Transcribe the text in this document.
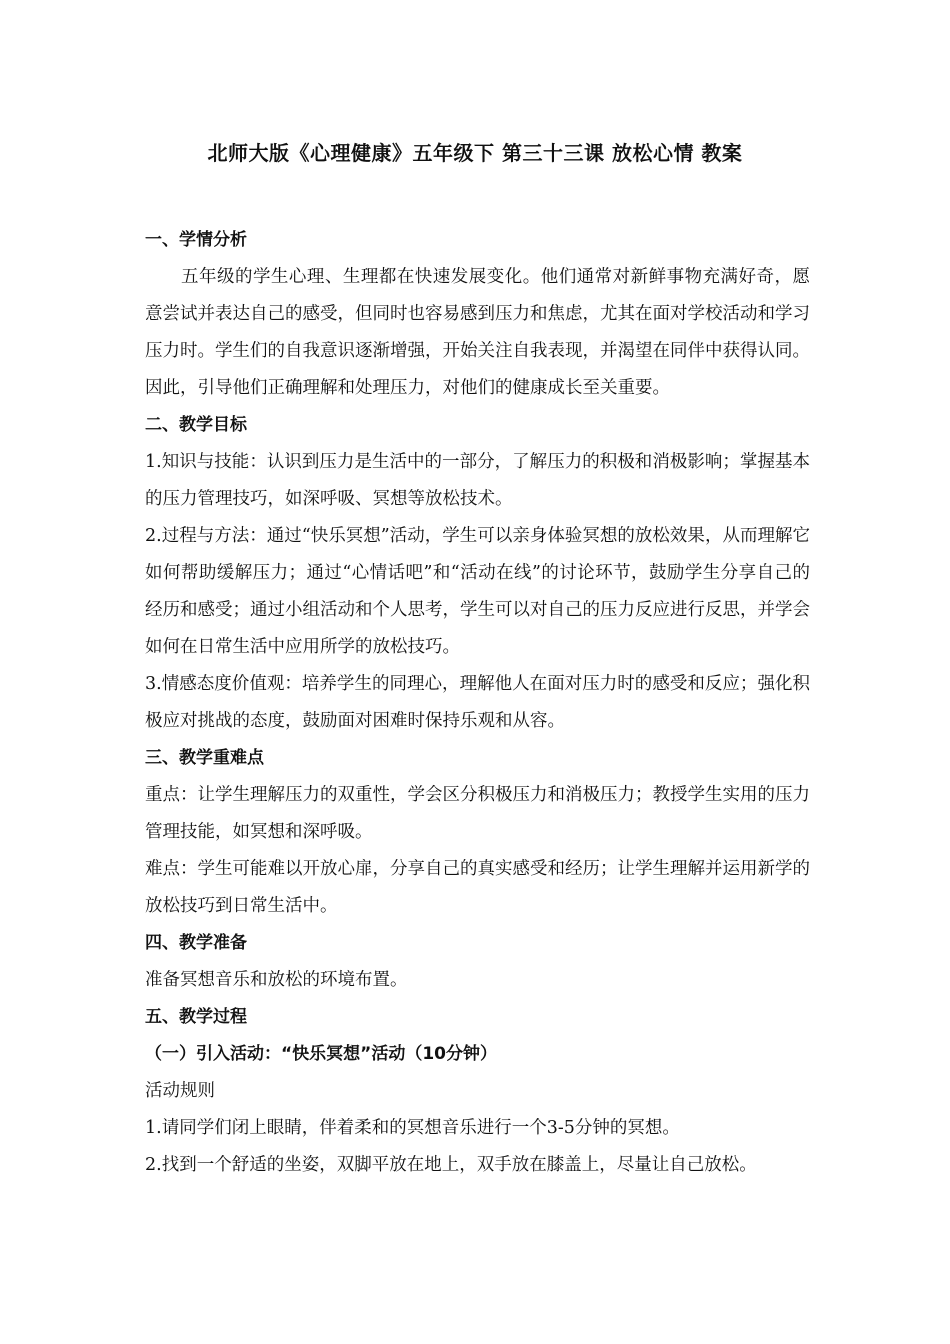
北师大版《心理健康》五年级下 第三十三课 放松心情 教案

一、学情分析

五年级的学生心理、生理都在快速发展变化。他们通常对新鲜事物充满好奇，愿意尝试并表达自己的感受，但同时也容易感到压力和焦虑，尤其在面对学校活动和学习压力时。学生们的自我意识逐渐增强，开始关注自我表现，并渴望在同伴中获得认同。因此，引导他们正确理解和处理压力，对他们的健康成长至关重要。

二、教学目标

1.知识与技能：认识到压力是生活中的一部分，了解压力的积极和消极影响；掌握基本的压力管理技巧，如深呼吸、冥想等放松技术。

2.过程与方法：通过“快乐冥想”活动，学生可以亲身体验冥想的放松效果，从而理解它如何帮助缓解压力；通过“心情话吧”和“活动在线”的讨论环节，鼓励学生分享自己的经历和感受；通过小组活动和个人思考，学生可以对自己的压力反应进行反思，并学会如何在日常生活中应用所学的放松技巧。

3.情感态度价值观：培养学生的同理心，理解他人在面对压力时的感受和反应；强化积极应对挑战的态度，鼓励面对困难时保持乐观和从容。

三、教学重难点

重点：让学生理解压力的双重性，学会区分积极压力和消极压力；教授学生实用的压力管理技能，如冥想和深呼吸。

难点：学生可能难以开放心扉，分享自己的真实感受和经历；让学生理解并运用新学的放松技巧到日常生活中。

四、教学准备

准备冥想音乐和放松的环境布置。

五、教学过程

（一）引入活动：“快乐冥想”活动（10分钟）

活动规则

1.请同学们闭上眼睛，伴着柔和的冥想音乐进行一个3-5分钟的冥想。

2.找到一个舒适的坐姿，双脚平放在地上，双手放在膝盖上，尽量让自己放松。
